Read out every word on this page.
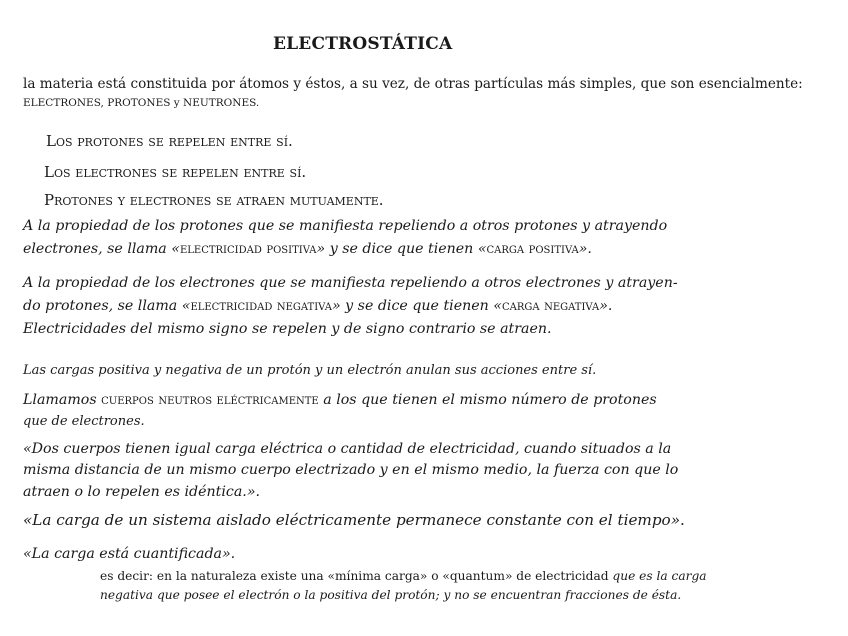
ELECTROSTÁTICA
la materia está constituida por átomos y éstos, a su vez, de otras partículas más simples, que son esencialmente:
ELECTRONES, PROTONES y NEUTRONES.
Los protones se repelen entre sí.
Los electrones se repelen entre sí.
Protones y electrones se atraen mutuamente.
A la propiedad de los protones que se manifiesta repeliendo a otros protones y atrayendo
electrones, se llama «electricidad positiva» y se dice que tienen «carga positiva».
A la propiedad de los electrones que se manifiesta repeliendo a otros electrones y atrayen-
do protones, se llama «electricidad negativa» y se dice que tienen «carga negativa».
Electricidades del mismo signo se repelen y de signo contrario se atraen.
Las cargas positiva y negativa de un protón y un electrón anulan sus acciones entre sí.
Llamamos cuerpos neutros eléctricamente a los que tienen el mismo número de protones
que de electrones.
«Dos cuerpos tienen igual carga eléctrica o cantidad de electricidad, cuando situados a la
misma distancia de un mismo cuerpo electrizado y en el mismo medio, la fuerza con que lo
atraen o lo repelen es idéntica.».
«La carga de un sistema aislado eléctricamente permanece constante con el tiempo».
«La carga está cuantificada».
es decir: en la naturaleza existe una «mínima carga» o «quantum» de electricidad que es la carga
negativa que posee el electrón o la positiva del protón; y no se encuentran fracciones de ésta.
